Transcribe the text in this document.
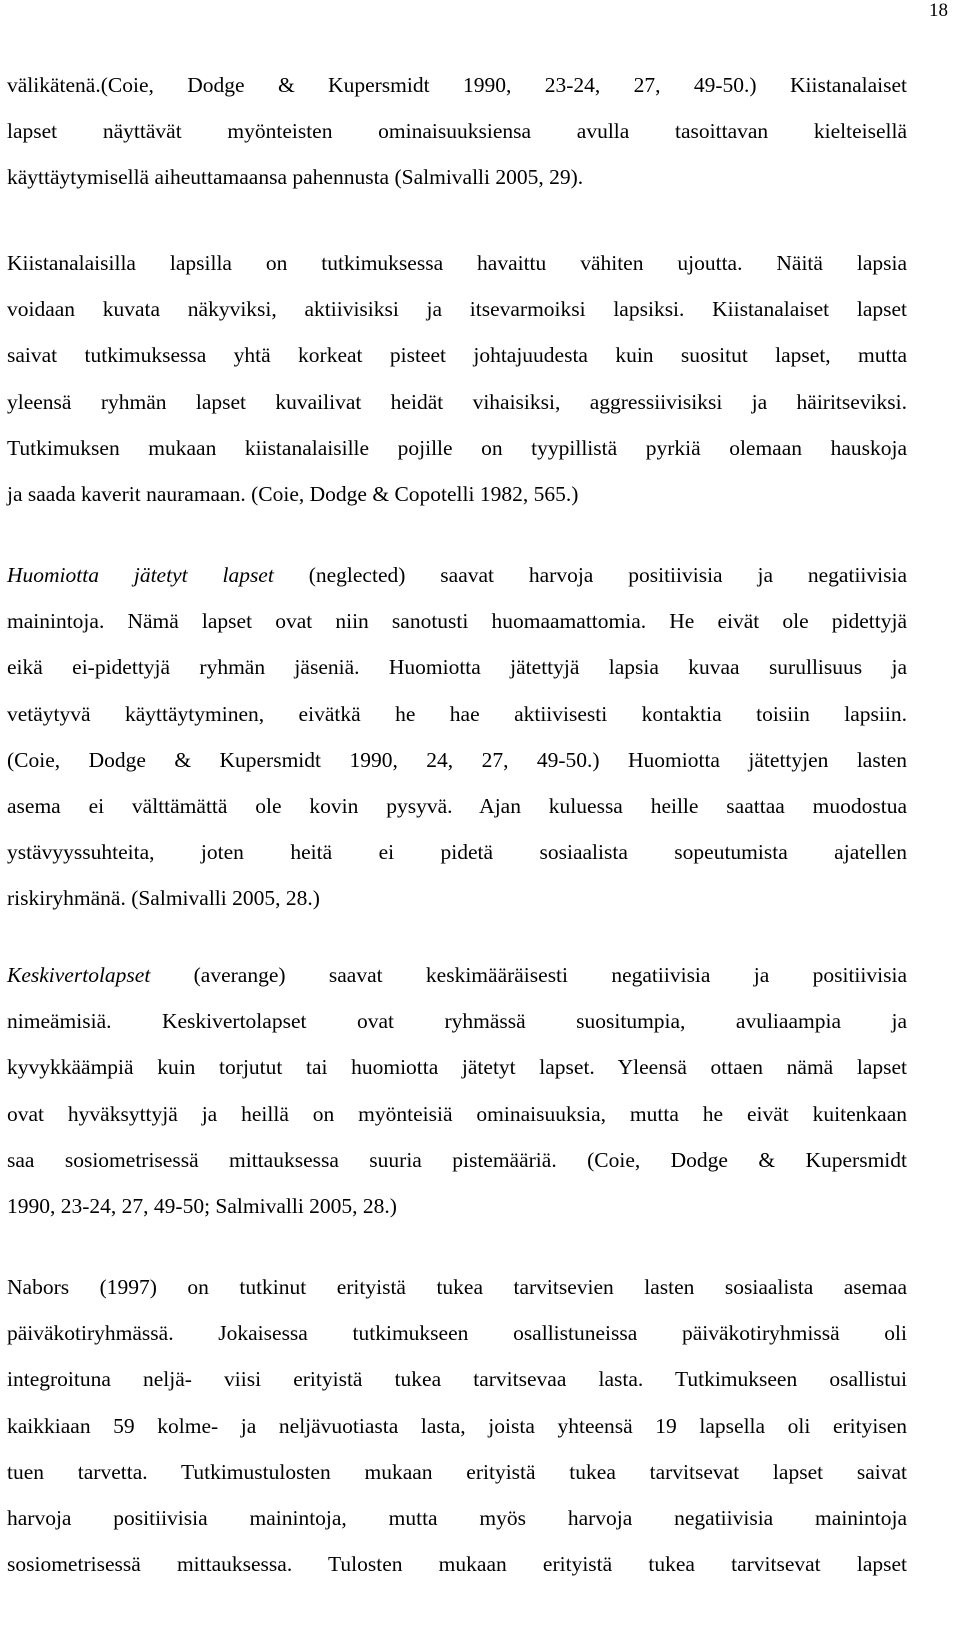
18
välikätenä.(Coie, Dodge & Kupersmidt 1990, 23-24, 27, 49-50.) Kiistanalaiset
lapset näyttävät myönteisten ominaisuuksiensa avulla tasoittavan kielteisellä
käyttäytymisellä aiheuttamaansa pahennusta (Salmivalli 2005, 29).
Kiistanalaisilla lapsilla on tutkimuksessa havaittu vähiten ujoutta. Näitä lapsia
voidaan kuvata näkyviksi, aktiivisiksi ja itsevarmoiksi lapsiksi. Kiistanalaiset lapset
saivat tutkimuksessa yhtä korkeat pisteet johtajuudesta kuin suositut lapset, mutta
yleensä ryhmän lapset kuvailivat heidät vihaisiksi, aggressiivisiksi ja häiritseviksi.
Tutkimuksen mukaan kiistanalaisille pojille on tyypillistä pyrkiä olemaan hauskoja
ja saada kaverit nauramaan. (Coie, Dodge & Copotelli 1982, 565.)
Huomiotta jätetyt lapset (neglected) saavat harvoja positiivisia ja negatiivisia
mainintoja. Nämä lapset ovat niin sanotusti huomaamattomia. He eivät ole pidettyjä
eikä ei-pidettyjä ryhmän jäseniä. Huomiotta jätettyjä lapsia kuvaa surullisuus ja
vetäytyvä käyttäytyminen, eivätkä he hae aktiivisesti kontaktia toisiin lapsiin.
(Coie, Dodge & Kupersmidt 1990, 24, 27, 49-50.) Huomiotta jätettyjen lasten
asema ei välttämättä ole kovin pysyvä. Ajan kuluessa heille saattaa muodostua
ystävyyssuhteita, joten heitä ei pidetä sosiaalista sopeutumista ajatellen
riskiryhmänä. (Salmivalli 2005, 28.)
Keskivertolapset (averange) saavat keskimääräisesti negatiivisia ja positiivisia
nimeämisiä. Keskivertolapset ovat ryhmässä suositumpia, avuliaampia ja
kyvykkäämpiä kuin torjutut tai huomiotta jätetyt lapset. Yleensä ottaen nämä lapset
ovat hyväksyttyjä ja heillä on myönteisiä ominaisuuksia, mutta he eivät kuitenkaan
saa sosiometrisessä mittauksessa suuria pistemääriä. (Coie, Dodge & Kupersmidt
1990, 23-24, 27, 49-50; Salmivalli 2005, 28.)
Nabors (1997) on tutkinut erityistä tukea tarvitsevien lasten sosiaalista asemaa
päiväkotiryhmässä. Jokaisessa tutkimukseen osallistuneissa päiväkotiryhmissä oli
integroituna neljä- viisi erityistä tukea tarvitsevaa lasta. Tutkimukseen osallistui
kaikkiaan 59 kolme- ja neljävuotiasta lasta, joista yhteensä 19 lapsella oli erityisen
tuen tarvetta. Tutkimustulosten mukaan erityistä tukea tarvitsevat lapset saivat
harvoja positiivisia mainintoja, mutta myös harvoja negatiivisia mainintoja
sosiometrisessä mittauksessa. Tulosten mukaan erityistä tukea tarvitsevat lapset
